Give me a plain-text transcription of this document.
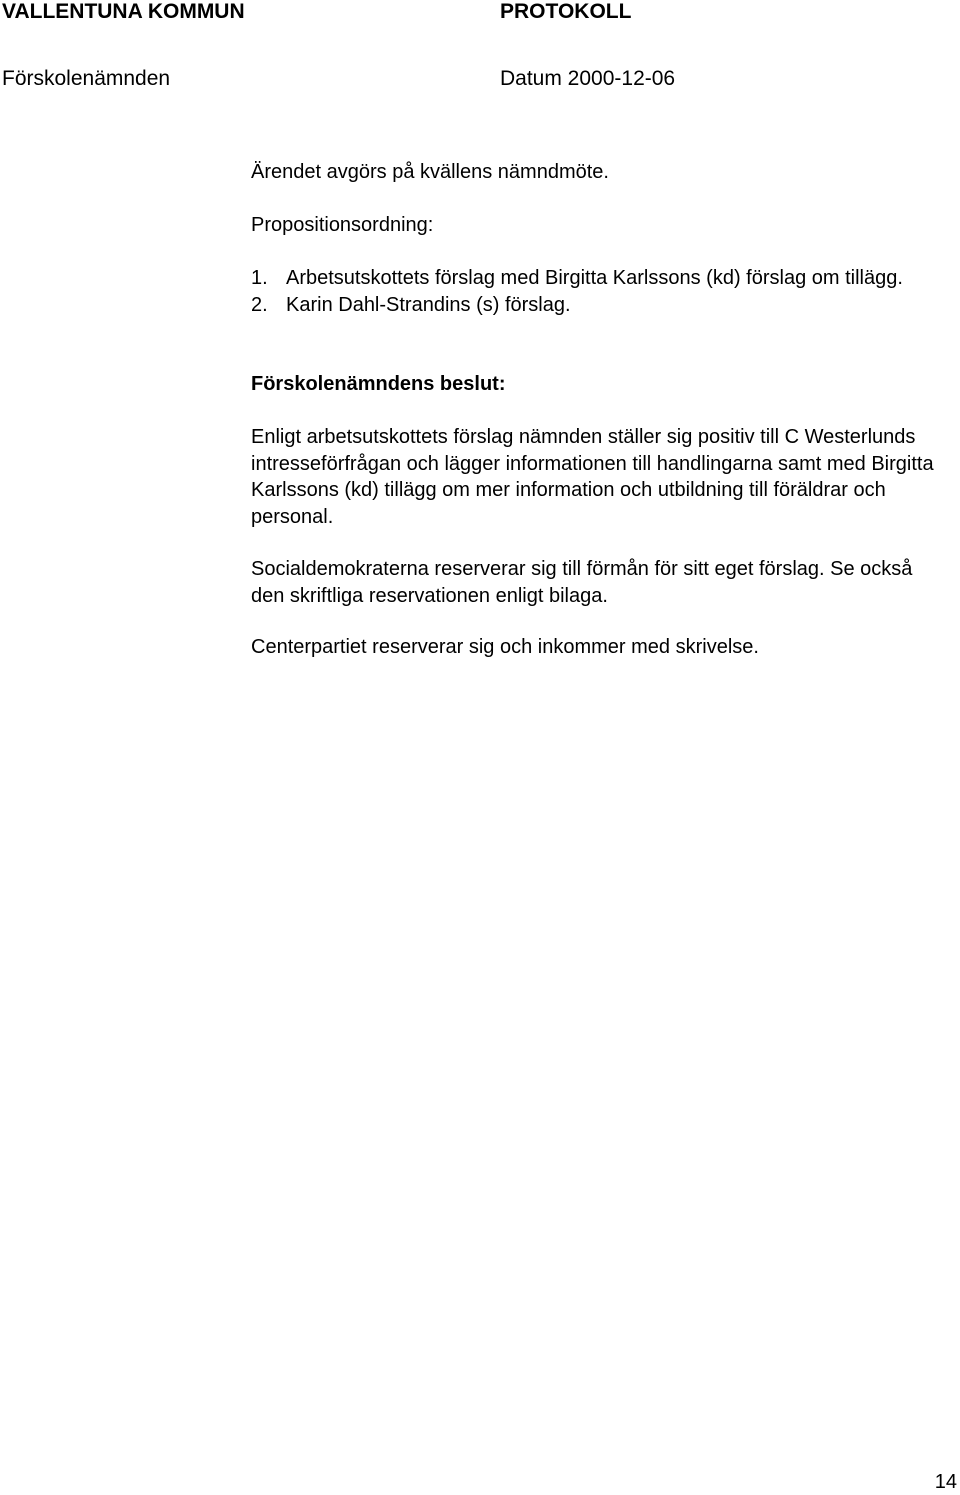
VALLENTUNA KOMMUN	PROTOKOLL
Förskolenämnden	Datum 2000-12-06

Ärendet avgörs på kvällens nämndmöte.

Propositionsordning:

1. Arbetsutskottets förslag med Birgitta Karlssons (kd) förslag om tillägg.
2. Karin Dahl-Strandins (s) förslag.

Förskolenämndens beslut:

Enligt arbetsutskottets förslag nämnden ställer sig positiv till C Westerlunds intresseförfrågan och lägger informationen till handlingarna samt med Birgitta Karlssons (kd) tillägg om mer information och utbildning till föräldrar och personal.

Socialdemokraterna reserverar sig till förmån för sitt eget förslag. Se också den skriftliga reservationen enligt bilaga.

Centerpartiet reserverar sig och inkommer med skrivelse.

14
